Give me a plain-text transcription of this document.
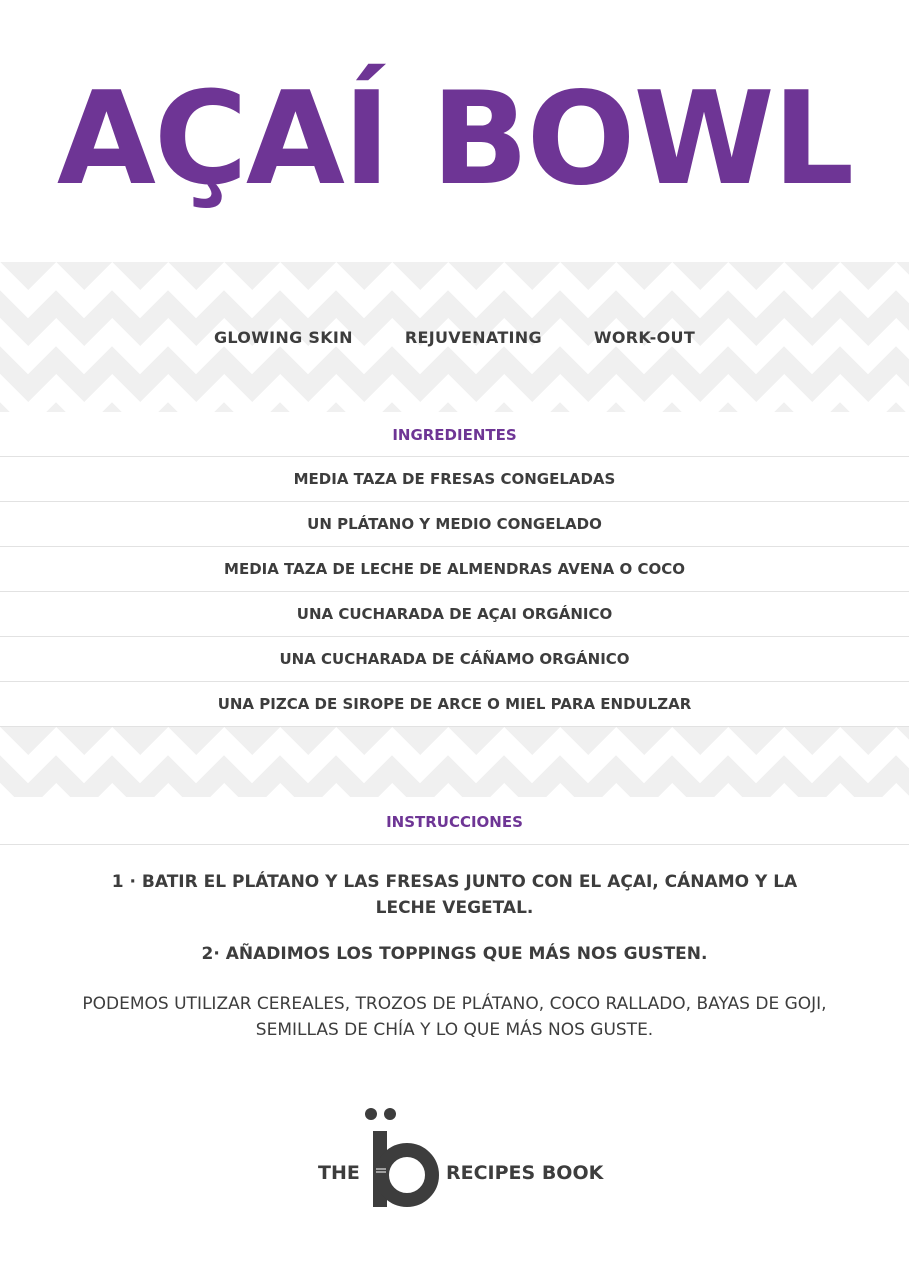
AÇAÍ BOWL
GLOWING SKIN	REJUVENATING	WORK-OUT
INGREDIENTES
MEDIA TAZA DE FRESAS CONGELADAS
UN PLÁTANO Y MEDIO CONGELADO
MEDIA TAZA DE LECHE DE ALMENDRAS AVENA O COCO
UNA CUCHARADA DE AÇAI ORGÁNICO
UNA CUCHARADA DE CÁÑAMO ORGÁNICO
UNA PIZCA DE SIROPE DE ARCE O MIEL PARA ENDULZAR
INSTRUCCIONES

1 · BATIR EL PLÁTANO Y LAS FRESAS JUNTO CON EL AÇAI, CÁNAMO Y LA LECHE VEGETAL.

2· AÑADIMOS LOS TOPPINGS QUE MÁS NOS GUSTEN.

PODEMOS UTILIZAR CEREALES, TROZOS DE PLÁTANO, COCO RALLADO, BAYAS DE GOJI, SEMILLAS DE CHÍA Y LO QUE MÁS NOS GUSTE.

THE	RECIPES BOOK
